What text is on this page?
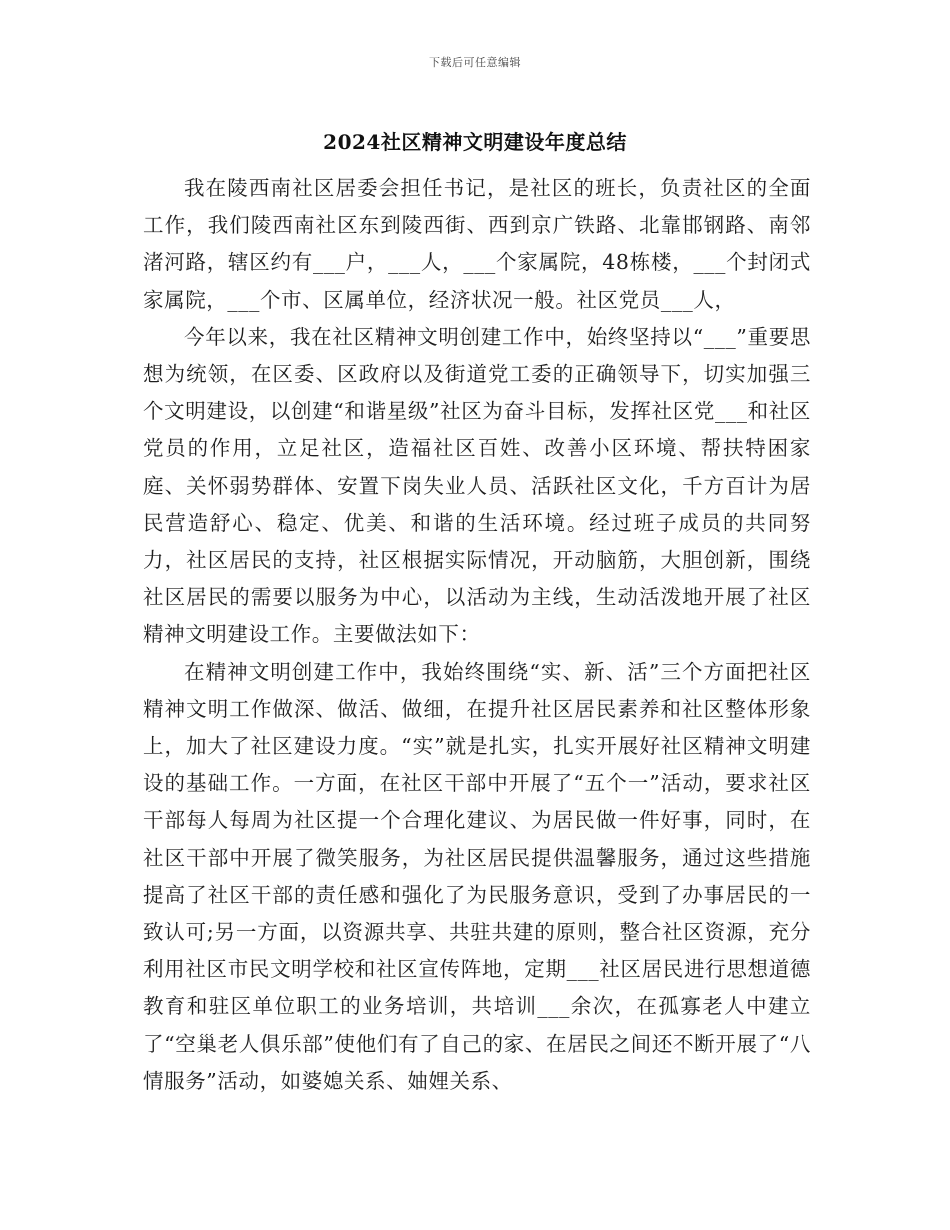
下载后可任意编辑
2024社区精神文明建设年度总结

我在陵西南社区居委会担任书记，是社区的班长，负责社区的全面工作，我们陵西南社区东到陵西街、西到京广铁路、北靠邯钢路、南邻渚河路，辖区约有___户，___人，___个家属院，48栋楼，___个封闭式家属院，___个市、区属单位，经济状况一般。社区党员___人，

今年以来，我在社区精神文明创建工作中，始终坚持以“___”重要思想为统领，在区委、区政府以及街道党工委的正确领导下，切实加强三个文明建设，以创建“和谐星级”社区为奋斗目标，发挥社区党___和社区党员的作用，立足社区，造福社区百姓、改善小区环境、帮扶特困家庭、关怀弱势群体、安置下岗失业人员、活跃社区文化，千方百计为居民营造舒心、稳定、优美、和谐的生活环境。经过班子成员的共同努力，社区居民的支持，社区根据实际情况，开动脑筋，大胆创新，围绕社区居民的需要以服务为中心，以活动为主线，生动活泼地开展了社区精神文明建设工作。主要做法如下：

在精神文明创建工作中，我始终围绕“实、新、活”三个方面把社区精神文明工作做深、做活、做细，在提升社区居民素养和社区整体形象上，加大了社区建设力度。“实”就是扎实，扎实开展好社区精神文明建设的基础工作。一方面，在社区干部中开展了“五个一”活动，要求社区干部每人每周为社区提一个合理化建议、为居民做一件好事，同时，在社区干部中开展了微笑服务，为社区居民提供温馨服务，通过这些措施提高了社区干部的责任感和强化了为民服务意识，受到了办事居民的一致认可;另一方面，以资源共享、共驻共建的原则，整合社区资源，充分利用社区市民文明学校和社区宣传阵地，定期___社区居民进行思想道德教育和驻区单位职工的业务培训，共培训___余次，在孤寡老人中建立了“空巢老人俱乐部”使他们有了自己的家、在居民之间还不断开展了“八情服务”活动，如婆媳关系、妯娌关系、
